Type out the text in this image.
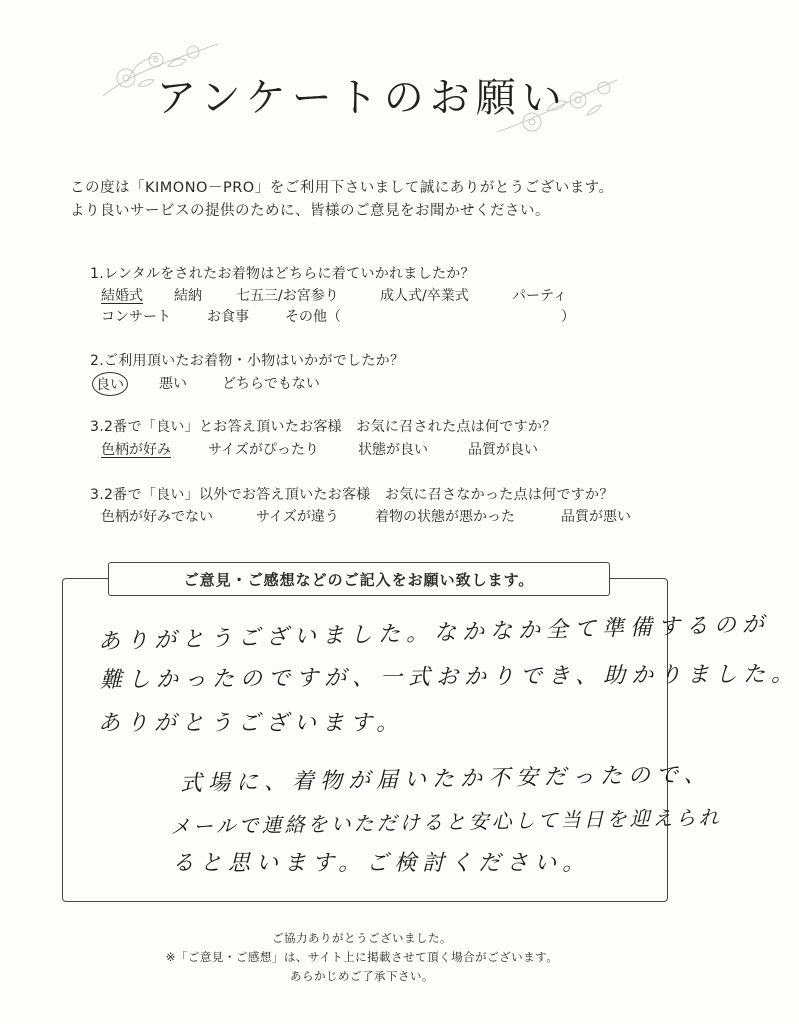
アンケートのお願い
この度は「KIMONO－PRO」をご利用下さいまして誠にありがとうございます。
より良いサービスの提供のために、皆様のご意見をお聞かせください。
1.レンタルをされたお着物はどちらに着ていかれましたか？
結婚式 結納 七五三/お宮参り	成人式/卒業式	パーティ
コンサート	お食事	その他（	）
2.ご利用頂いたお着物・小物はいかがでしたか？
良い	悪い	どちらでもない
3.2番で「良い」とお答え頂いたお客様　お気に召された点は何ですか？
色柄が好み	サイズがぴったり	状態が良い	品質が良い
3.2番で「良い」以外でお答え頂いたお客様　お気に召さなかった点は何ですか？
色柄が好みでない	サイズが違う	着物の状態が悪かった	品質が悪い
ご意見・ご感想などのご記入をお願い致します。
ありがとうございました。なかなか全て準備するのが
難しかったのですが、一式おかりでき、助かりました。
ありがとうございます。
式場に、着物が届いたか不安だったので、
メールで連絡をいただけると安心して当日を迎えられ
ると思います。ご検討ください。
ご協力ありがとうございました。
※「ご意見・ご感想」は、サイト上に掲載させて頂く場合がございます。
あらかじめご了承下さい。
